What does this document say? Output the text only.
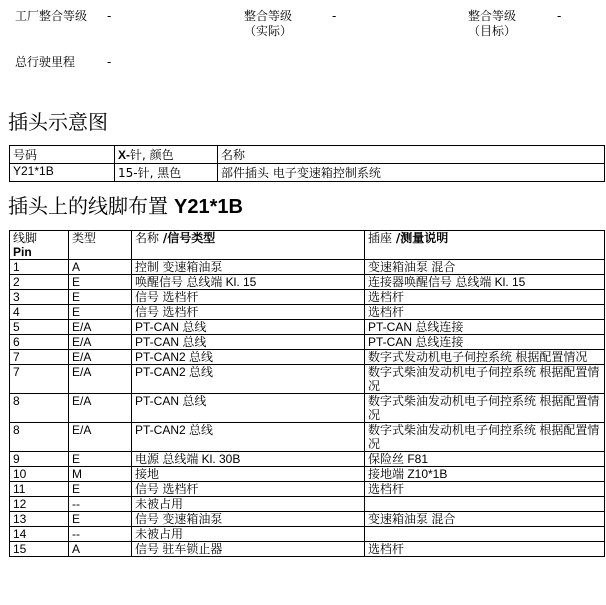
工厂整合等级	-	整合等级
（实际）
-	整合等级
（目标）
-
总行驶里程	-
插头示意图
号码	X-针, 颜色	名称
Y21*1B	15-针, 黑色	部件插头 电子变速箱控制系统
插头上的线脚布置 Y21*1B
线脚
Pin	类型	名称 /信号类型	插座 /测量说明
1	A	控制 变速箱油泵	变速箱油泵 混合
2	E	唤醒信号 总线端 Kl. 15	连接器唤醒信号 总线端 Kl. 15
3	E	信号 选档杆	选档杆
4	E	信号 选档杆	选档杆
5	E/A	PT-CAN 总线	PT-CAN 总线连接
6	E/A	PT-CAN 总线	PT-CAN 总线连接
7	E/A	PT-CAN2 总线	数字式发动机电子伺控系统 根据配置情况
7	E/A	PT-CAN2 总线	数字式柴油发动机电子伺控系统 根据配置情况
8	E/A	PT-CAN 总线	数字式柴油发动机电子伺控系统 根据配置情况
8	E/A	PT-CAN2 总线	数字式柴油发动机电子伺控系统 根据配置情况
9	E	电源 总线端 Kl. 30B	保险丝 F81
10	M	接地	接地端 Z10*1B
11	E	信号 选档杆	选档杆
12	--	未被占用	
13	E	信号 变速箱油泵	变速箱油泵 混合
14	--	未被占用	
15	A	信号 驻车锁止器	选档杆
